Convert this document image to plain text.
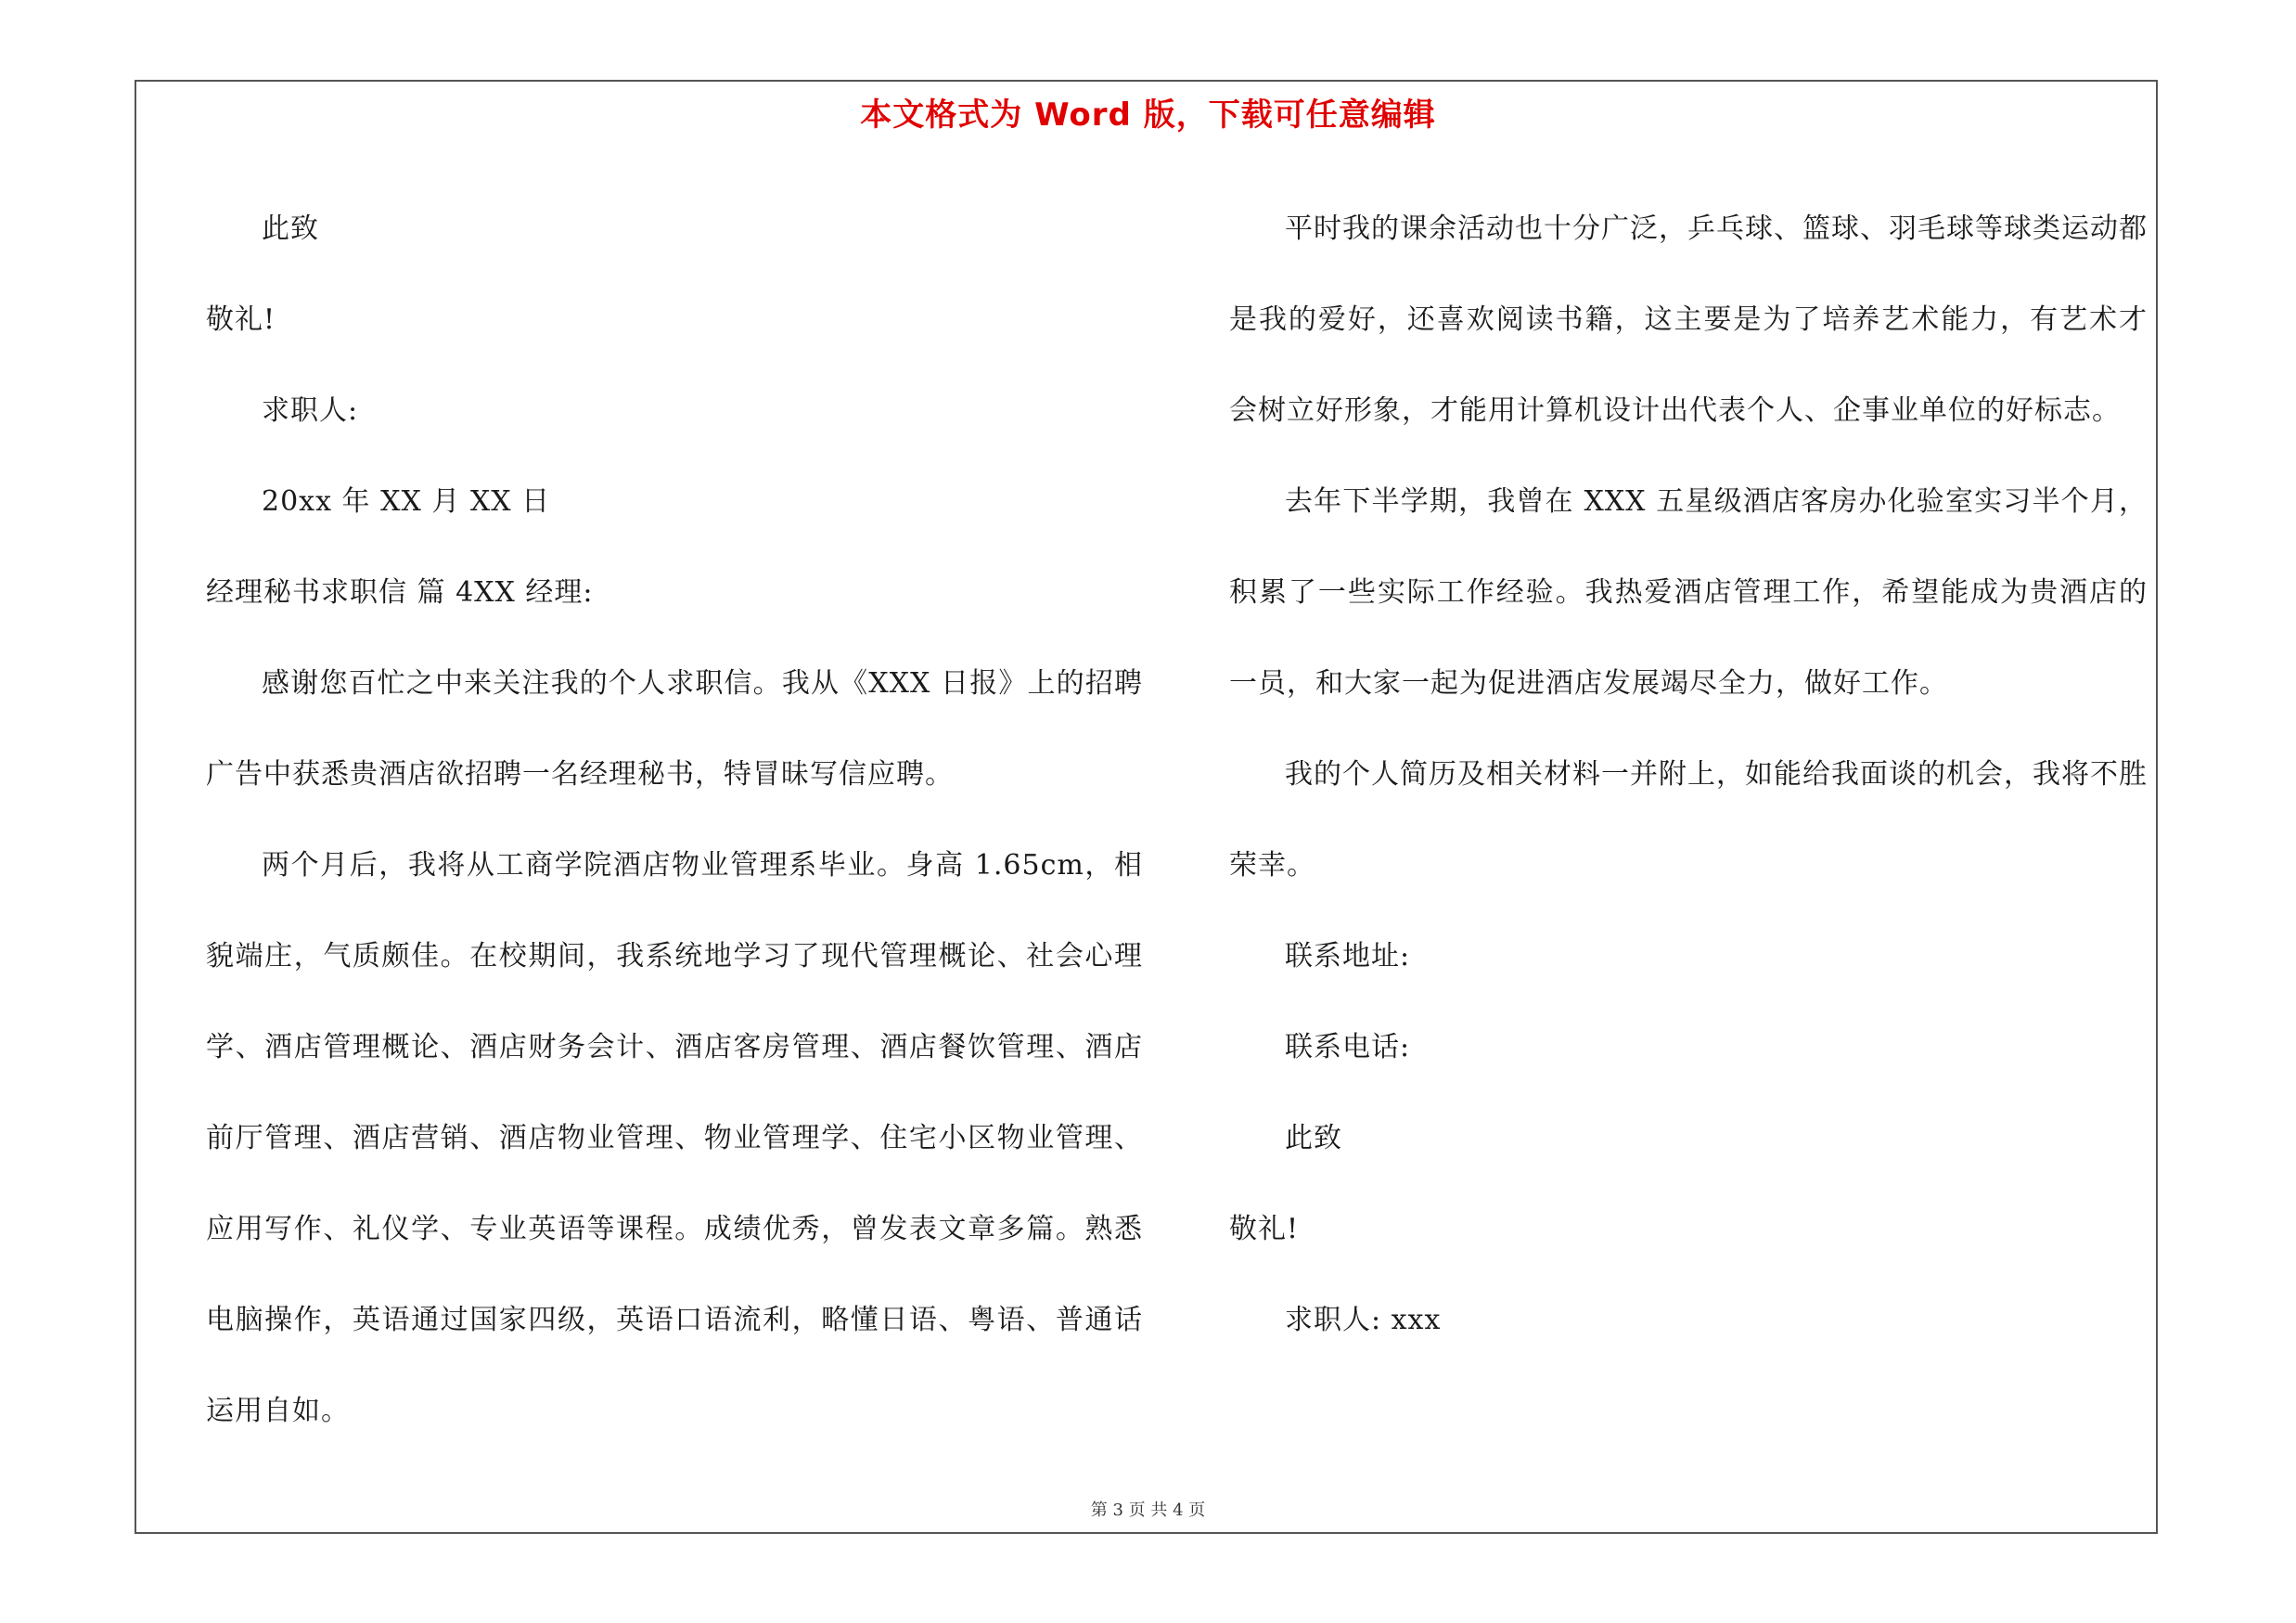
本文格式为 Word 版，下载可任意编辑

此致

敬礼!

求职人:

20xx 年 XX 月 XX 日

经理秘书求职信 篇 4XX 经理:

感谢您百忙之中来关注我的个人求职信。我从《XXX 日报》上的招聘广告中获悉贵酒店欲招聘一名经理秘书，特冒昧写信应聘。

两个月后，我将从工商学院酒店物业管理系毕业。身高 1.65cm，相貌端庄，气质颇佳。在校期间，我系统地学习了现代管理概论、社会心理学、酒店管理概论、酒店财务会计、酒店客房管理、酒店餐饮管理、酒店前厅管理、酒店营销、酒店物业管理、物业管理学、住宅小区物业管理、应用写作、礼仪学、专业英语等课程。成绩优秀，曾发表文章多篇。熟悉电脑操作，英语通过国家四级，英语口语流利，略懂日语、粤语、普通话运用自如。

平时我的课余活动也十分广泛，乒乓球、篮球、羽毛球等球类运动都是我的爱好，还喜欢阅读书籍，这主要是为了培养艺术能力，有艺术才会树立好形象，才能用计算机设计出代表个人、企事业单位的好标志。

去年下半学期，我曾在 XXX 五星级酒店客房办化验室实习半个月，积累了一些实际工作经验。我热爱酒店管理工作，希望能成为贵酒店的一员，和大家一起为促进酒店发展竭尽全力，做好工作。

我的个人简历及相关材料一并附上，如能给我面谈的机会，我将不胜荣幸。

联系地址:

联系电话:

此致

敬礼!

求职人: xxx

第 3 页 共 4 页
